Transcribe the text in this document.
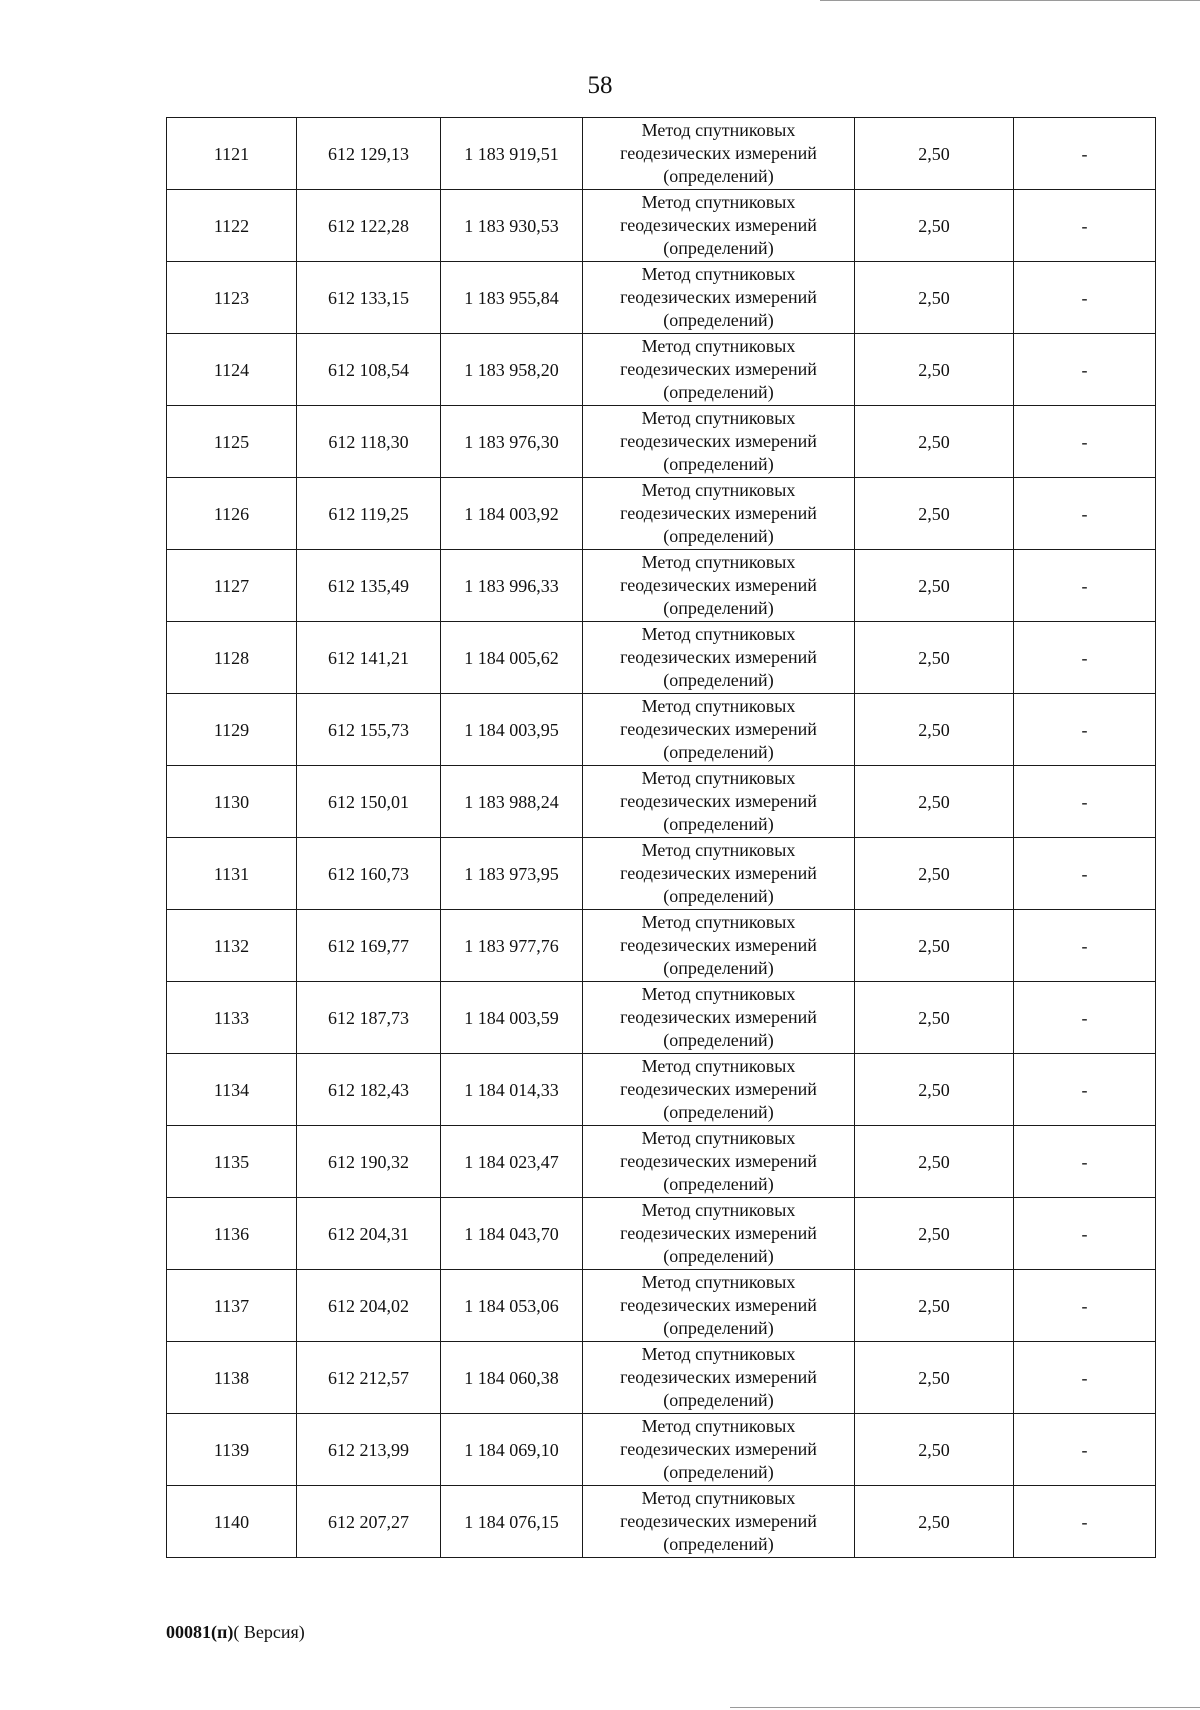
58
1121	612 129,13	1 183 919,51	Метод спутниковых
геодезических измерений
(определений)	2,50	-
1122	612 122,28	1 183 930,53	Метод спутниковых
геодезических измерений
(определений)	2,50	-
1123	612 133,15	1 183 955,84	Метод спутниковых
геодезических измерений
(определений)	2,50	-
1124	612 108,54	1 183 958,20	Метод спутниковых
геодезических измерений
(определений)	2,50	-
1125	612 118,30	1 183 976,30	Метод спутниковых
геодезических измерений
(определений)	2,50	-
1126	612 119,25	1 184 003,92	Метод спутниковых
геодезических измерений
(определений)	2,50	-
1127	612 135,49	1 183 996,33	Метод спутниковых
геодезических измерений
(определений)	2,50	-
1128	612 141,21	1 184 005,62	Метод спутниковых
геодезических измерений
(определений)	2,50	-
1129	612 155,73	1 184 003,95	Метод спутниковых
геодезических измерений
(определений)	2,50	-
1130	612 150,01	1 183 988,24	Метод спутниковых
геодезических измерений
(определений)	2,50	-
1131	612 160,73	1 183 973,95	Метод спутниковых
геодезических измерений
(определений)	2,50	-
1132	612 169,77	1 183 977,76	Метод спутниковых
геодезических измерений
(определений)	2,50	-
1133	612 187,73	1 184 003,59	Метод спутниковых
геодезических измерений
(определений)	2,50	-
1134	612 182,43	1 184 014,33	Метод спутниковых
геодезических измерений
(определений)	2,50	-
1135	612 190,32	1 184 023,47	Метод спутниковых
геодезических измерений
(определений)	2,50	-
1136	612 204,31	1 184 043,70	Метод спутниковых
геодезических измерений
(определений)	2,50	-
1137	612 204,02	1 184 053,06	Метод спутниковых
геодезических измерений
(определений)	2,50	-
1138	612 212,57	1 184 060,38	Метод спутниковых
геодезических измерений
(определений)	2,50	-
1139	612 213,99	1 184 069,10	Метод спутниковых
геодезических измерений
(определений)	2,50	-
1140	612 207,27	1 184 076,15	Метод спутниковых
геодезических измерений
(определений)	2,50	-
00081(п)( Версия)
